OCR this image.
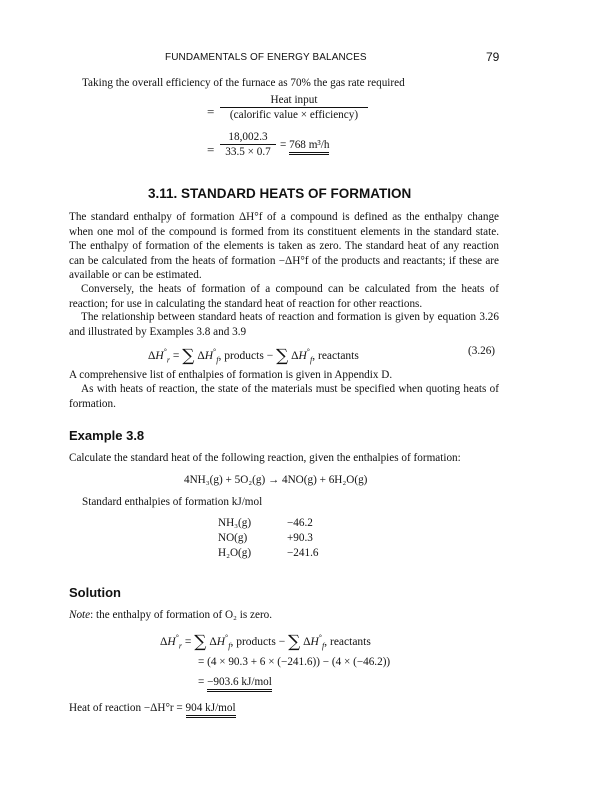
FUNDAMENTALS OF ENERGY BALANCES	79
Taking the overall efficiency of the furnace as 70% the gas rate required
=
Heat input
(calorific value × efficiency)
= $\frac{18,002.3}{33.5 \times 0.7} = 768$ m³/h
3.11. STANDARD HEATS OF FORMATION
The standard enthalpy of formation ΔH°f of a compound is defined as the enthalpy change when one mol of the compound is formed from its constituent elements in the standard state. The enthalpy of formation of the elements is taken as zero. The standard heat of any reaction can be calculated from the heats of formation −ΔH°f of the products and reactants; if these are available or can be estimated.
Conversely, the heats of formation of a compound can be calculated from the heats of reaction; for use in calculating the standard heat of reaction for other reactions.
The relationship between standard heats of reaction and formation is given by equation 3.26 and illustrated by Examples 3.8 and 3.9
$\Delta H^\circ_r$ = ∑ $\Delta H^\circ_f$, products − ∑ $\Delta H^\circ_f$, reactants	(3.26)
A comprehensive list of enthalpies of formation is given in Appendix D.
As with heats of reaction, the state of the materials must be specified when quoting heats of formation.
Example 3.8
Calculate the standard heat of the following reaction, given the enthalpies of formation:
4NH₃(g) + 5O₂(g) → 4NO(g) + 6H₂O(g)
Standard enthalpies of formation kJ/mol
NH₃(g)	−46.2
NO(g)	+90.3
H₂O(g)	−241.6
Solution
Note: the enthalpy of formation of O₂ is zero.
$\Delta H^\circ_r$ = ∑ $\Delta H^\circ_f$, products − ∑ $\Delta H^\circ_f$, reactants
= (4 × 90.3 + 6 × (−241.6)) − (4 × (−46.2))
= −903.6 kJ/mol
Heat of reaction −ΔH°r = 904 kJ/mol
